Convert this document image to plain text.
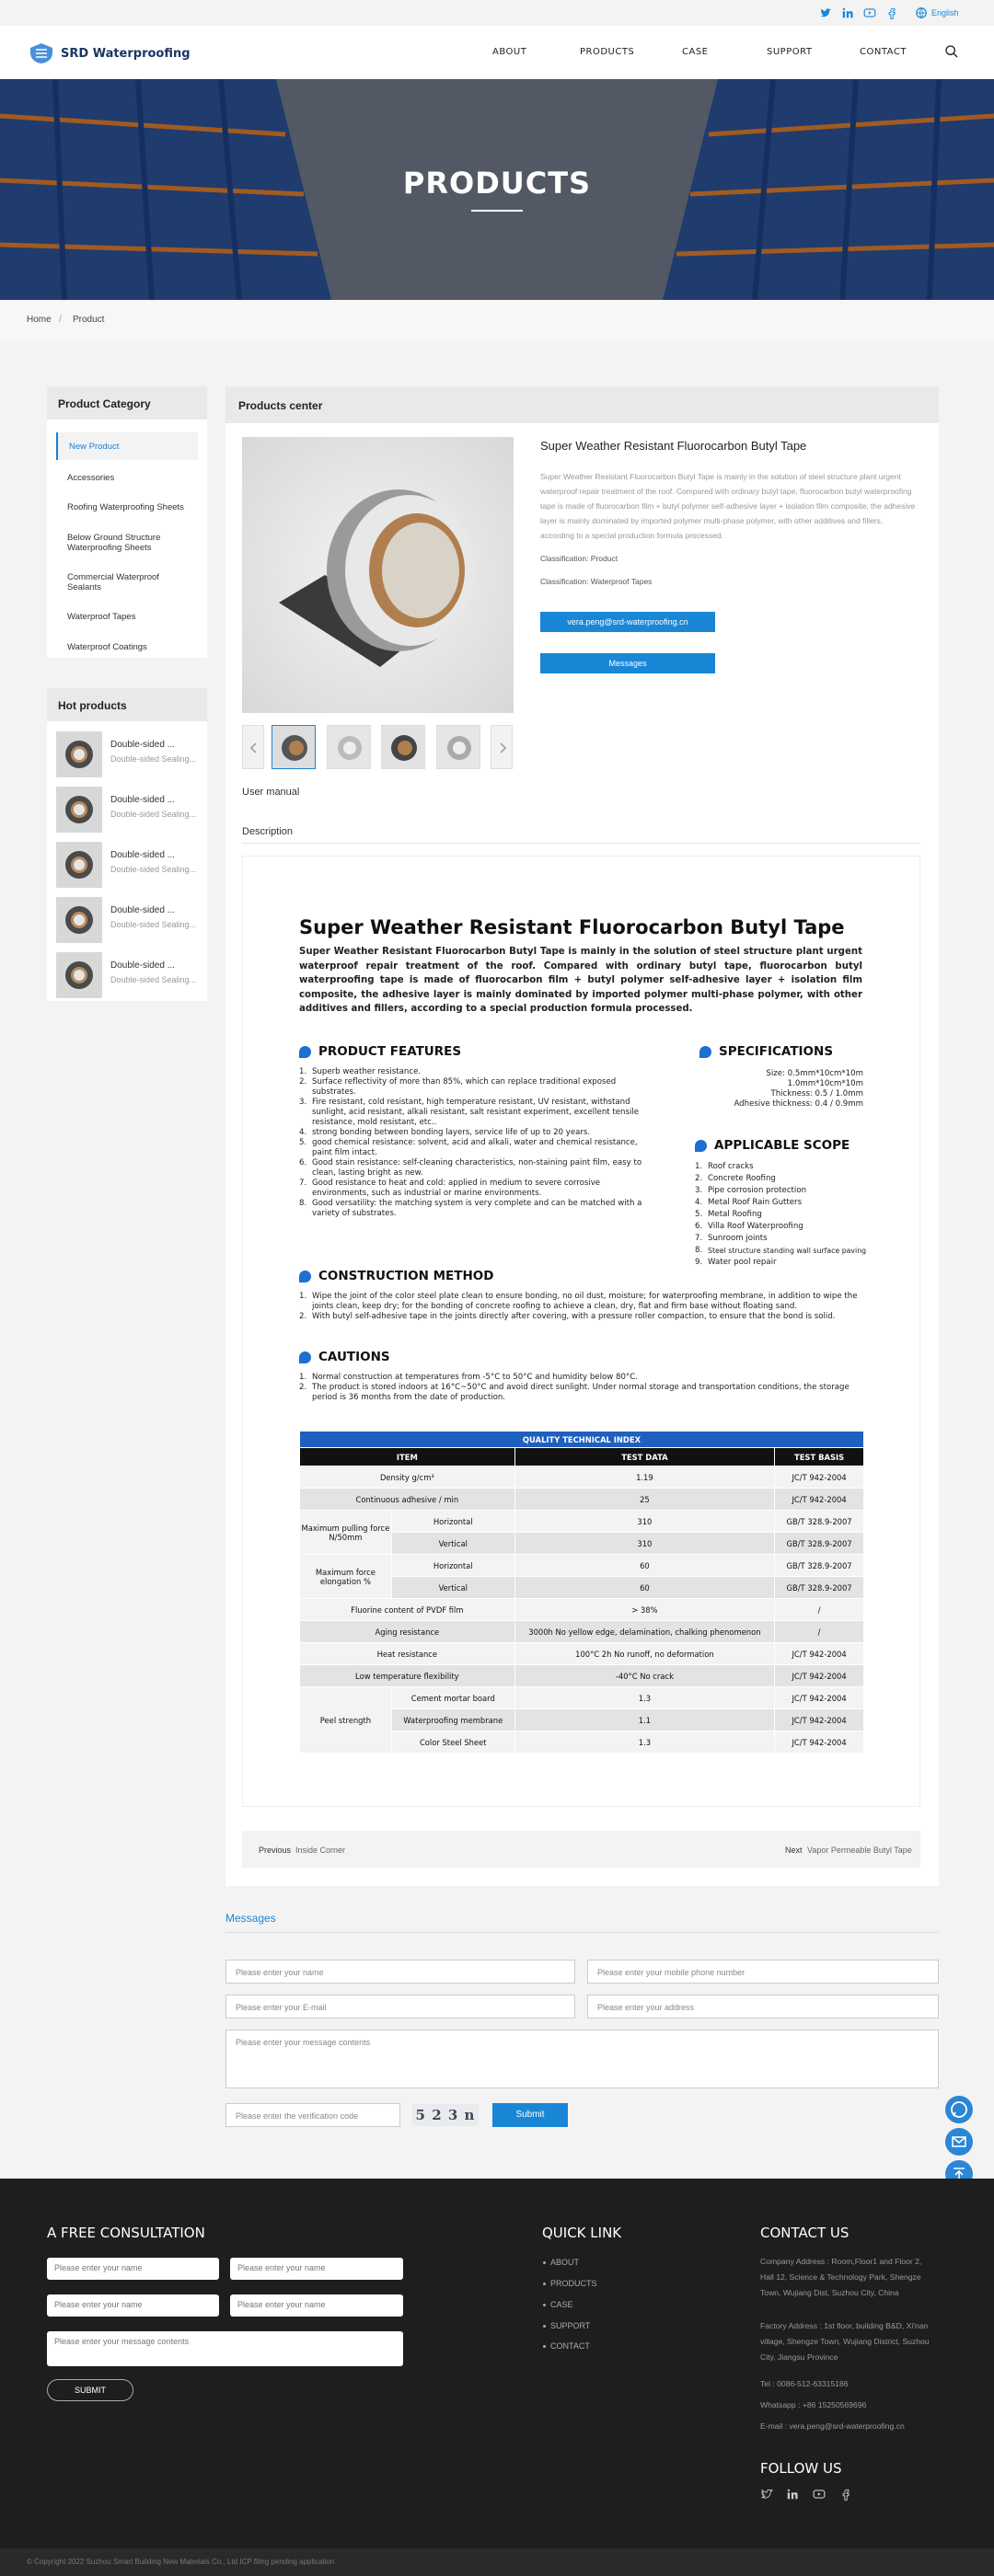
English
SRD Waterproofing	ABOUT	PRODUCTS	CASE	SUPPORT	CONTACT
PRODUCTS
Home / Product
Product Category
New Product
Accessories
Roofing Waterproofing Sheets
Below Ground Structure Waterproofing Sheets
Commercial Waterproof Sealants
Waterproof Tapes
Waterproof Coatings
Hot products
Double-sided ...
Double-sided Sealing...
Double-sided ...
Double-sided Sealing...
Double-sided ...
Double-sided Sealing...
Double-sided ...
Double-sided Sealing...
Double-sided ...
Double-sided Sealing...
Products center
Super Weather Resistant Fluorocarbon Butyl Tape
Super Weather Resistant Fluorocarbon Butyl Tape is mainly in the solution of steel structure plant urgent waterproof repair treatment of the roof. Compared with ordinary butyl tape, fluorocarbon butyl waterproofing tape is made of fluorocarbon film + butyl polymer self-adhesive layer + isolation film composite, the adhesive layer is mainly dominated by imported polymer multi-phase polymer, with other additives and fillers, according to a special production formula processed.
Classification: Product
Classification: Waterproof Tapes
vera.peng@srd-waterproofing.cn
Messages
User manual
Description
Super Weather Resistant Fluorocarbon Butyl Tape
Super Weather Resistant Fluorocarbon Butyl Tape is mainly in the solution of steel structure plant urgent waterproof repair treatment of the roof. Compared with ordinary butyl tape, fluorocarbon butyl waterproofing tape is made of fluorocarbon film + butyl polymer self-adhesive layer + isolation film composite, the adhesive layer is mainly dominated by imported polymer multi-phase polymer, with other additives and fillers, according to a special production formula processed.
PRODUCT FEATURES
1. Superb weather resistance.
2. Surface reflectivity of more than 85%, which can replace traditional exposed substrates.
3. Fire resistant, cold resistant, high temperature resistant, UV resistant, withstand sunlight, acid resistant, alkali resistant, salt resistant experiment, excellent tensile resistance, mold resistant, etc..
4. strong bonding between bonding layers, service life of up to 20 years.
5. good chemical resistance: solvent, acid and alkali, water and chemical resistance, paint film intact.
6. Good stain resistance: self-cleaning characteristics, non-staining paint film, easy to clean, lasting bright as new.
7. Good resistance to heat and cold: applied in medium to severe corrosive environments, such as industrial or marine environments.
8. Good versatility: the matching system is very complete and can be matched with a variety of substrates.
SPECIFICATIONS
Size: 0.5mm*10cm*10m
1.0mm*10cm*10m
Thickness: 0.5 / 1.0mm
Adhesive thickness: 0.4 / 0.9mm
APPLICABLE SCOPE
1. Roof cracks
2. Concrete Roofing
3. Pipe corrosion protection
4. Metal Roof Rain Gutters
5. Metal Roofing
6. Villa Roof Waterproofing
7. Sunroom joints
8. Steel structure standing wall surface paving
9. Water pool repair
CONSTRUCTION METHOD
1. Wipe the joint of the color steel plate clean to ensure bonding, no oil dust, moisture; for waterproofing membrane, in addition to wipe the joints clean, keep dry; for the bonding of concrete roofing to achieve a clean, dry, flat and firm base without floating sand.
2. With butyl self-adhesive tape in the joints directly after covering, with a pressure roller compaction, to ensure that the bond is solid.
CAUTIONS
1. Normal construction at temperatures from -5°C to 50°C and humidity below 80°C.
2. The product is stored indoors at 16°C~50°C and avoid direct sunlight. Under normal storage and transportation conditions, the storage period is 36 months from the date of production.
QUALITY TECHNICAL INDEX			
ITEM		TEST DATA	TEST BASIS
Density g/cm³		1.19	JC/T 942-2004
Continuous adhesive / min		25	JC/T 942-2004
Maximum pulling force N/50mm	Horizontal	310	GB/T 328.9-2007
	Vertical	310	GB/T 328.9-2007
Maximum force elongation %	Horizontal	60	GB/T 328.9-2007
	Vertical	60	GB/T 328.9-2007
Fluorine content of PVDF film		> 38%	/
Aging resistance		3000h No yellow edge, delamination, chalking phenomenon	/
Heat resistance		100°C 2h No runoff, no deformation	JC/T 942-2004
Low temperature flexibility		-40°C No crack	JC/T 942-2004
Peel strength	Cement mortar board	1.3	JC/T 942-2004
	Waterproofing membrane	1.1	JC/T 942-2004
	Color Steel Sheet	1.3	JC/T 942-2004
Previous Inside Corner	Next Vapor Permeable Butyl Tape
Messages
Please enter your name	Please enter your mobile phone number
Please enter your E-mail	Please enter your address
Please enter your message contents
Please enter the verification code	5 2 3 n	Submit
A FREE CONSULTATION
Please enter your name	Please enter your name
Please enter your name	Please enter your name
Please enter your message contents
SUBMIT
QUICK LINK
ABOUT
PRODUCTS
CASE
SUPPORT
CONTACT
CONTACT US
Company Address : Room,Floor1 and Floor 2, Hall 12, Science & Technology Park, Shengze Town, Wujiang Dist, Suzhou City, China
Factory Address : 1st floor, building B&D, Xi'nan village, Shengze Town, Wujiang District, Suzhou City, Jiangsu Province
Tel : 0086-512-63315186
Whatsapp : +86 15250569696
E-mail : vera.peng@srd-waterproofing.cn
FOLLOW US
© Copyright 2022 Suzhou Smart Building New Materials Co., Ltd ICP filing pending application
